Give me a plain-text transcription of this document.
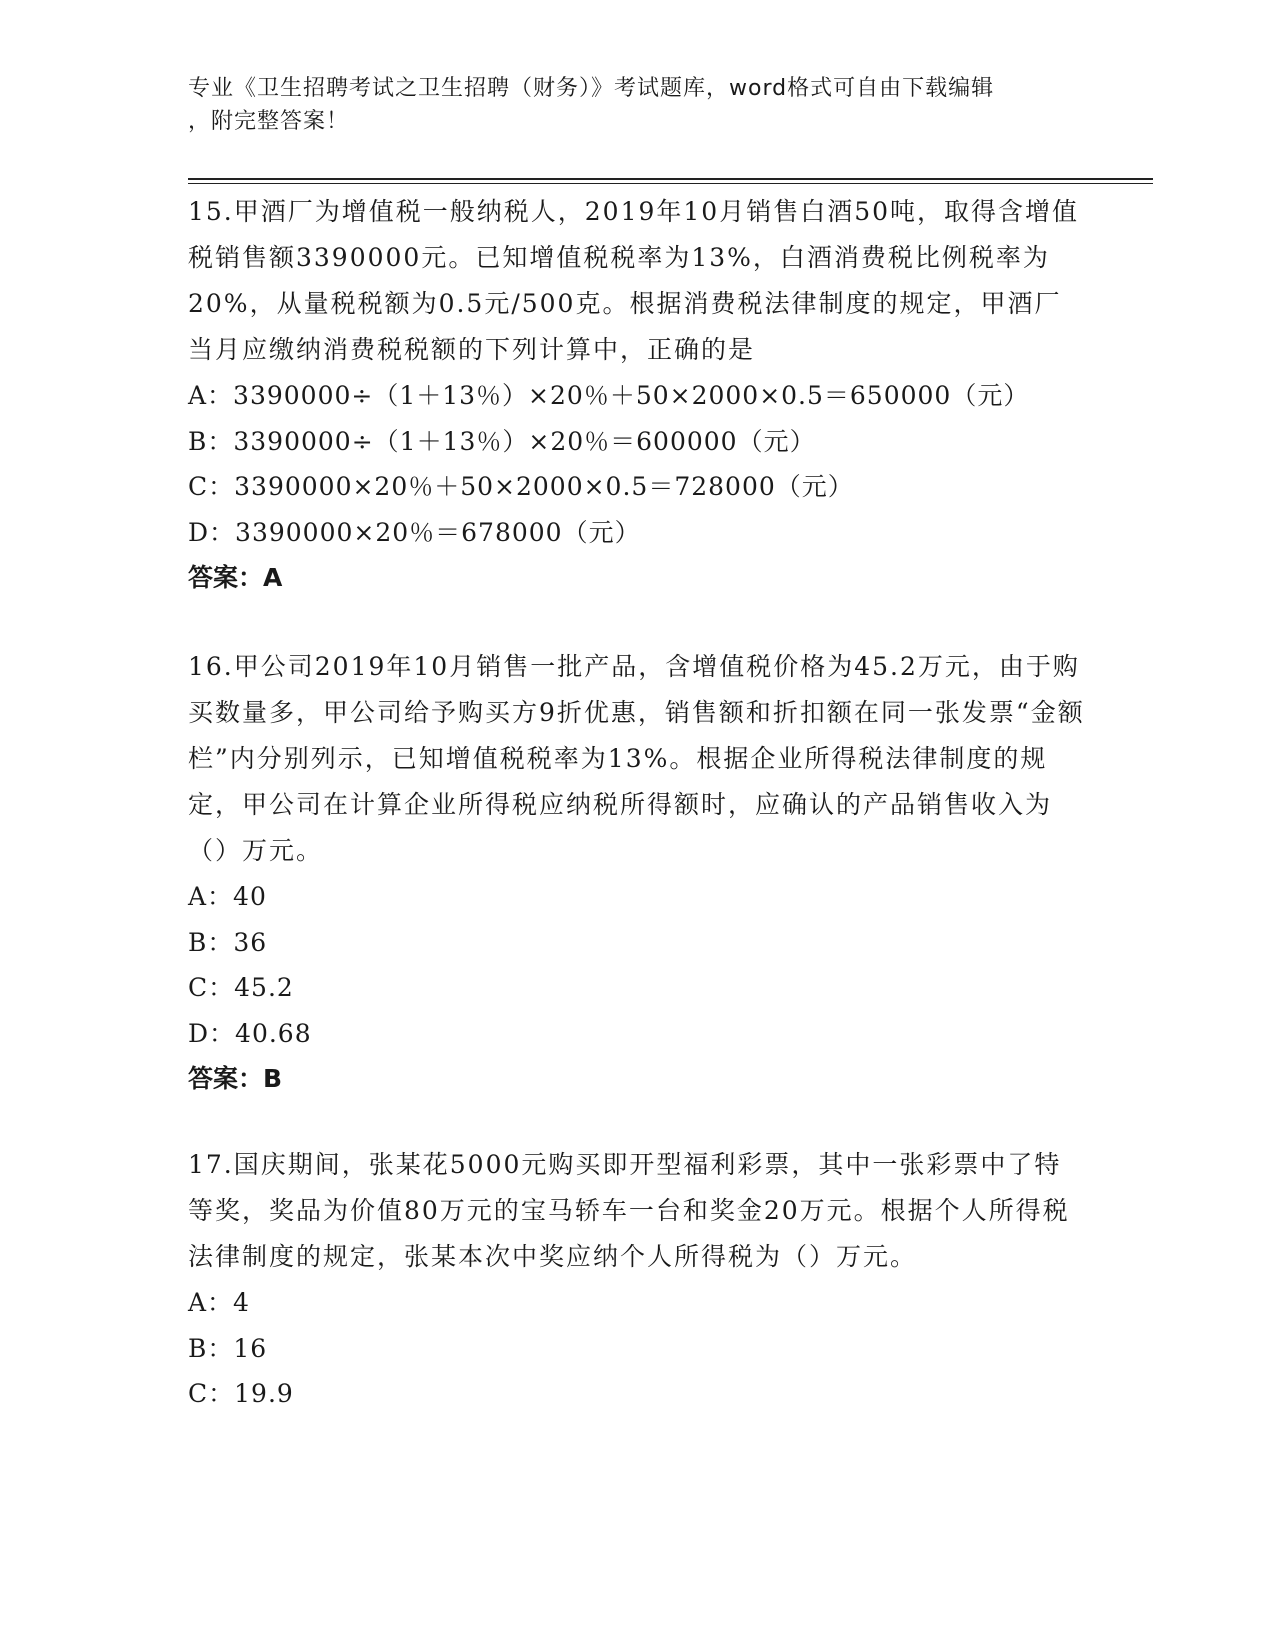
专业《卫生招聘考试之卫生招聘（财务）》考试题库，word格式可自由下载编辑
，附完整答案！

15.甲酒厂为增值税一般纳税人，2019年10月销售白酒50吨，取得含增值税销售额3390000元。已知增值税税率为13%，白酒消费税比例税率为20%，从量税税额为0.5元/500克。根据消费税法律制度的规定，甲酒厂当月应缴纳消费税税额的下列计算中，正确的是

A：3390000÷（1＋13％）×20％＋50×2000×0.5＝650000（元）

B：3390000÷（1＋13％）×20％＝600000（元）

C：3390000×20％＋50×2000×0.5＝728000（元）

D：3390000×20％＝678000（元）

答案：A

16.甲公司2019年10月销售一批产品，含增值税价格为45.2万元，由于购买数量多，甲公司给予购买方9折优惠，销售额和折扣额在同一张发票“金额栏”内分别列示，已知增值税税率为13%。根据企业所得税法律制度的规定，甲公司在计算企业所得税应纳税所得额时，应确认的产品销售收入为（）万元。

A：40

B：36

C：45.2

D：40.68

答案：B

17.国庆期间，张某花5000元购买即开型福利彩票，其中一张彩票中了特等奖，奖品为价值80万元的宝马轿车一台和奖金20万元。根据个人所得税法律制度的规定，张某本次中奖应纳个人所得税为（）万元。

A：4

B：16

C：19.9
